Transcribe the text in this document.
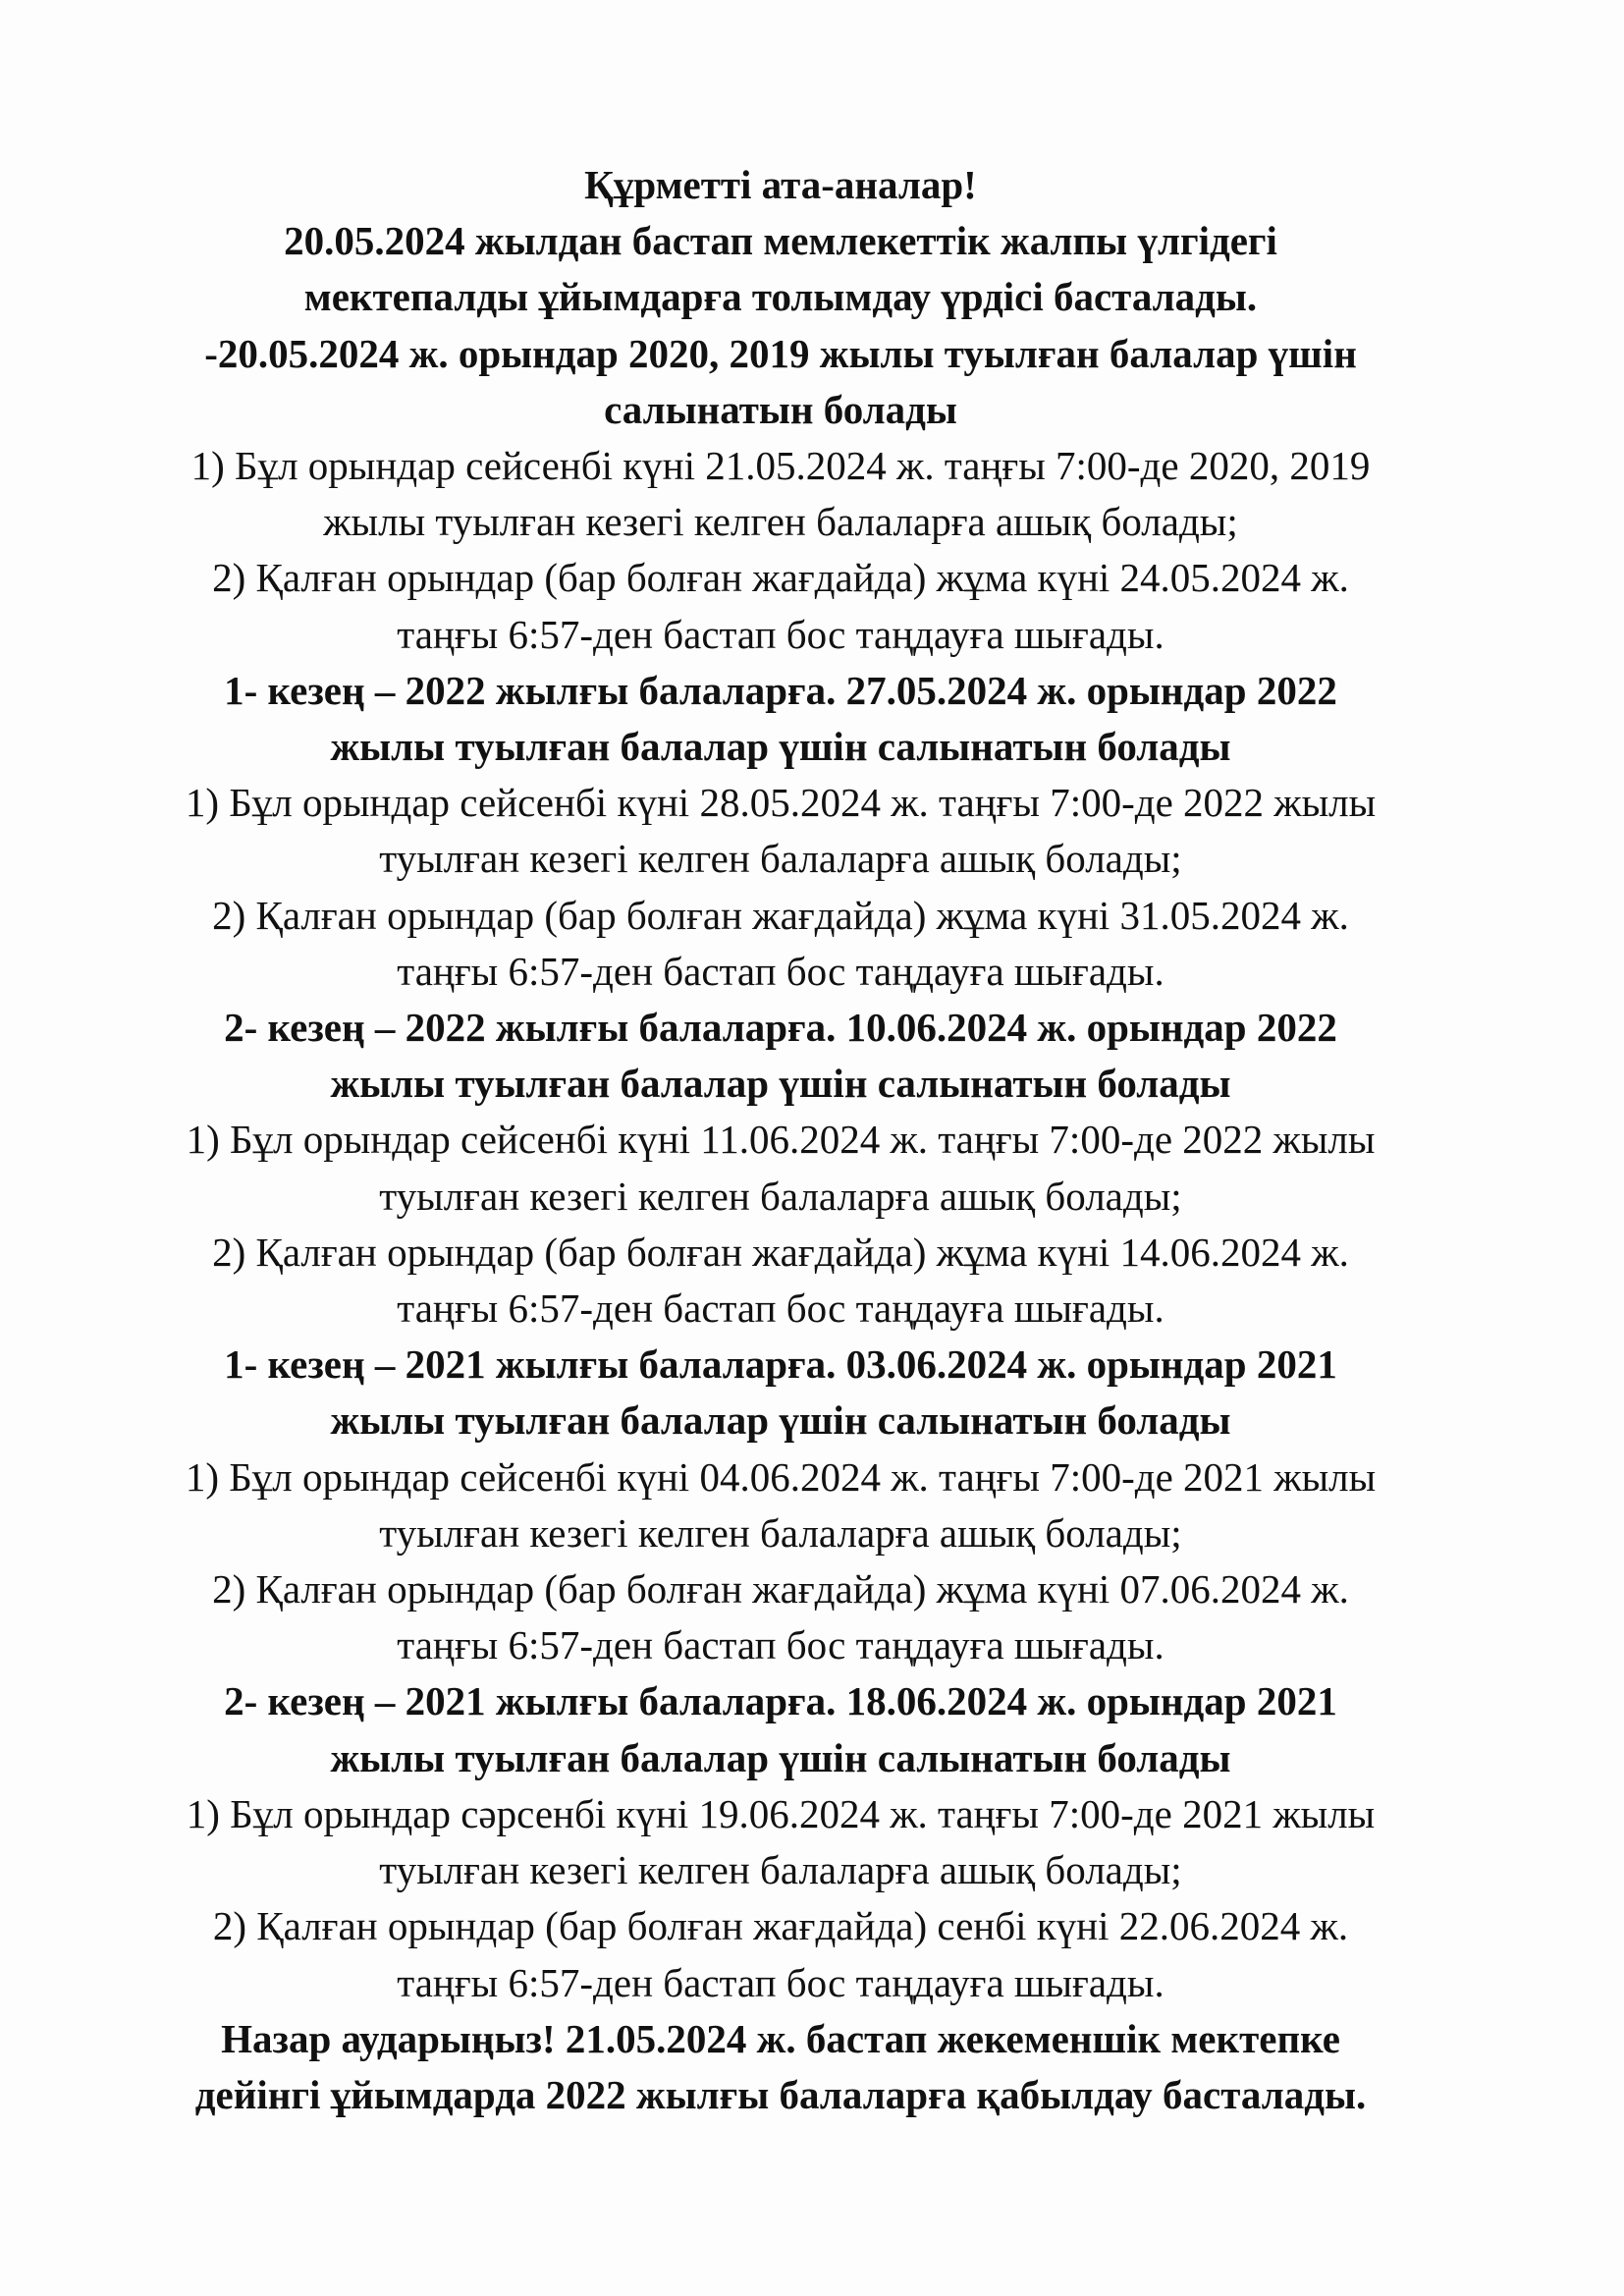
Құрметті ата-аналар!

20.05.2024 жылдан бастап мемлекеттік жалпы үлгідегі

мектепалды ұйымдарға толымдау үрдісі басталады.

-20.05.2024 ж. орындар 2020, 2019 жылы туылған балалар үшін

салынатын болады

1) Бұл орындар сейсенбі күні 21.05.2024 ж. таңғы 7:00-де 2020, 2019

жылы туылған кезегі келген балаларға ашық болады;

2) Қалған орындар (бар болған жағдайда) жұма күні 24.05.2024 ж.

таңғы 6:57-ден бастап бос таңдауға шығады.

1- кезең – 2022 жылғы балаларға. 27.05.2024 ж. орындар 2022

жылы туылған балалар үшін салынатын болады

1) Бұл орындар сейсенбі күні 28.05.2024 ж. таңғы 7:00-де 2022 жылы

туылған кезегі келген балаларға ашық болады;

2) Қалған орындар (бар болған жағдайда) жұма күні 31.05.2024 ж.

таңғы 6:57-ден бастап бос таңдауға шығады.

2- кезең – 2022 жылғы балаларға. 10.06.2024 ж. орындар 2022

жылы туылған балалар үшін салынатын болады

1) Бұл орындар сейсенбі күні 11.06.2024 ж. таңғы 7:00-де 2022 жылы

туылған кезегі келген балаларға ашық болады;

2) Қалған орындар (бар болған жағдайда) жұма күні 14.06.2024 ж.

таңғы 6:57-ден бастап бос таңдауға шығады.

1- кезең – 2021 жылғы балаларға. 03.06.2024 ж. орындар 2021

жылы туылған балалар үшін салынатын болады

1) Бұл орындар сейсенбі күні 04.06.2024 ж. таңғы 7:00-де 2021 жылы

туылған кезегі келген балаларға ашық болады;

2) Қалған орындар (бар болған жағдайда) жұма күні 07.06.2024 ж.

таңғы 6:57-ден бастап бос таңдауға шығады.

2- кезең – 2021 жылғы балаларға. 18.06.2024 ж. орындар 2021

жылы туылған балалар үшін салынатын болады

1) Бұл орындар сәрсенбі күні 19.06.2024 ж. таңғы 7:00-де 2021 жылы

туылған кезегі келген балаларға ашық болады;

2) Қалған орындар (бар болған жағдайда) сенбі күні 22.06.2024 ж.

таңғы 6:57-ден бастап бос таңдауға шығады.

Назар аударыңыз! 21.05.2024 ж. бастап жекеменшік мектепке

дейінгі ұйымдарда 2022 жылғы балаларға қабылдау басталады.
